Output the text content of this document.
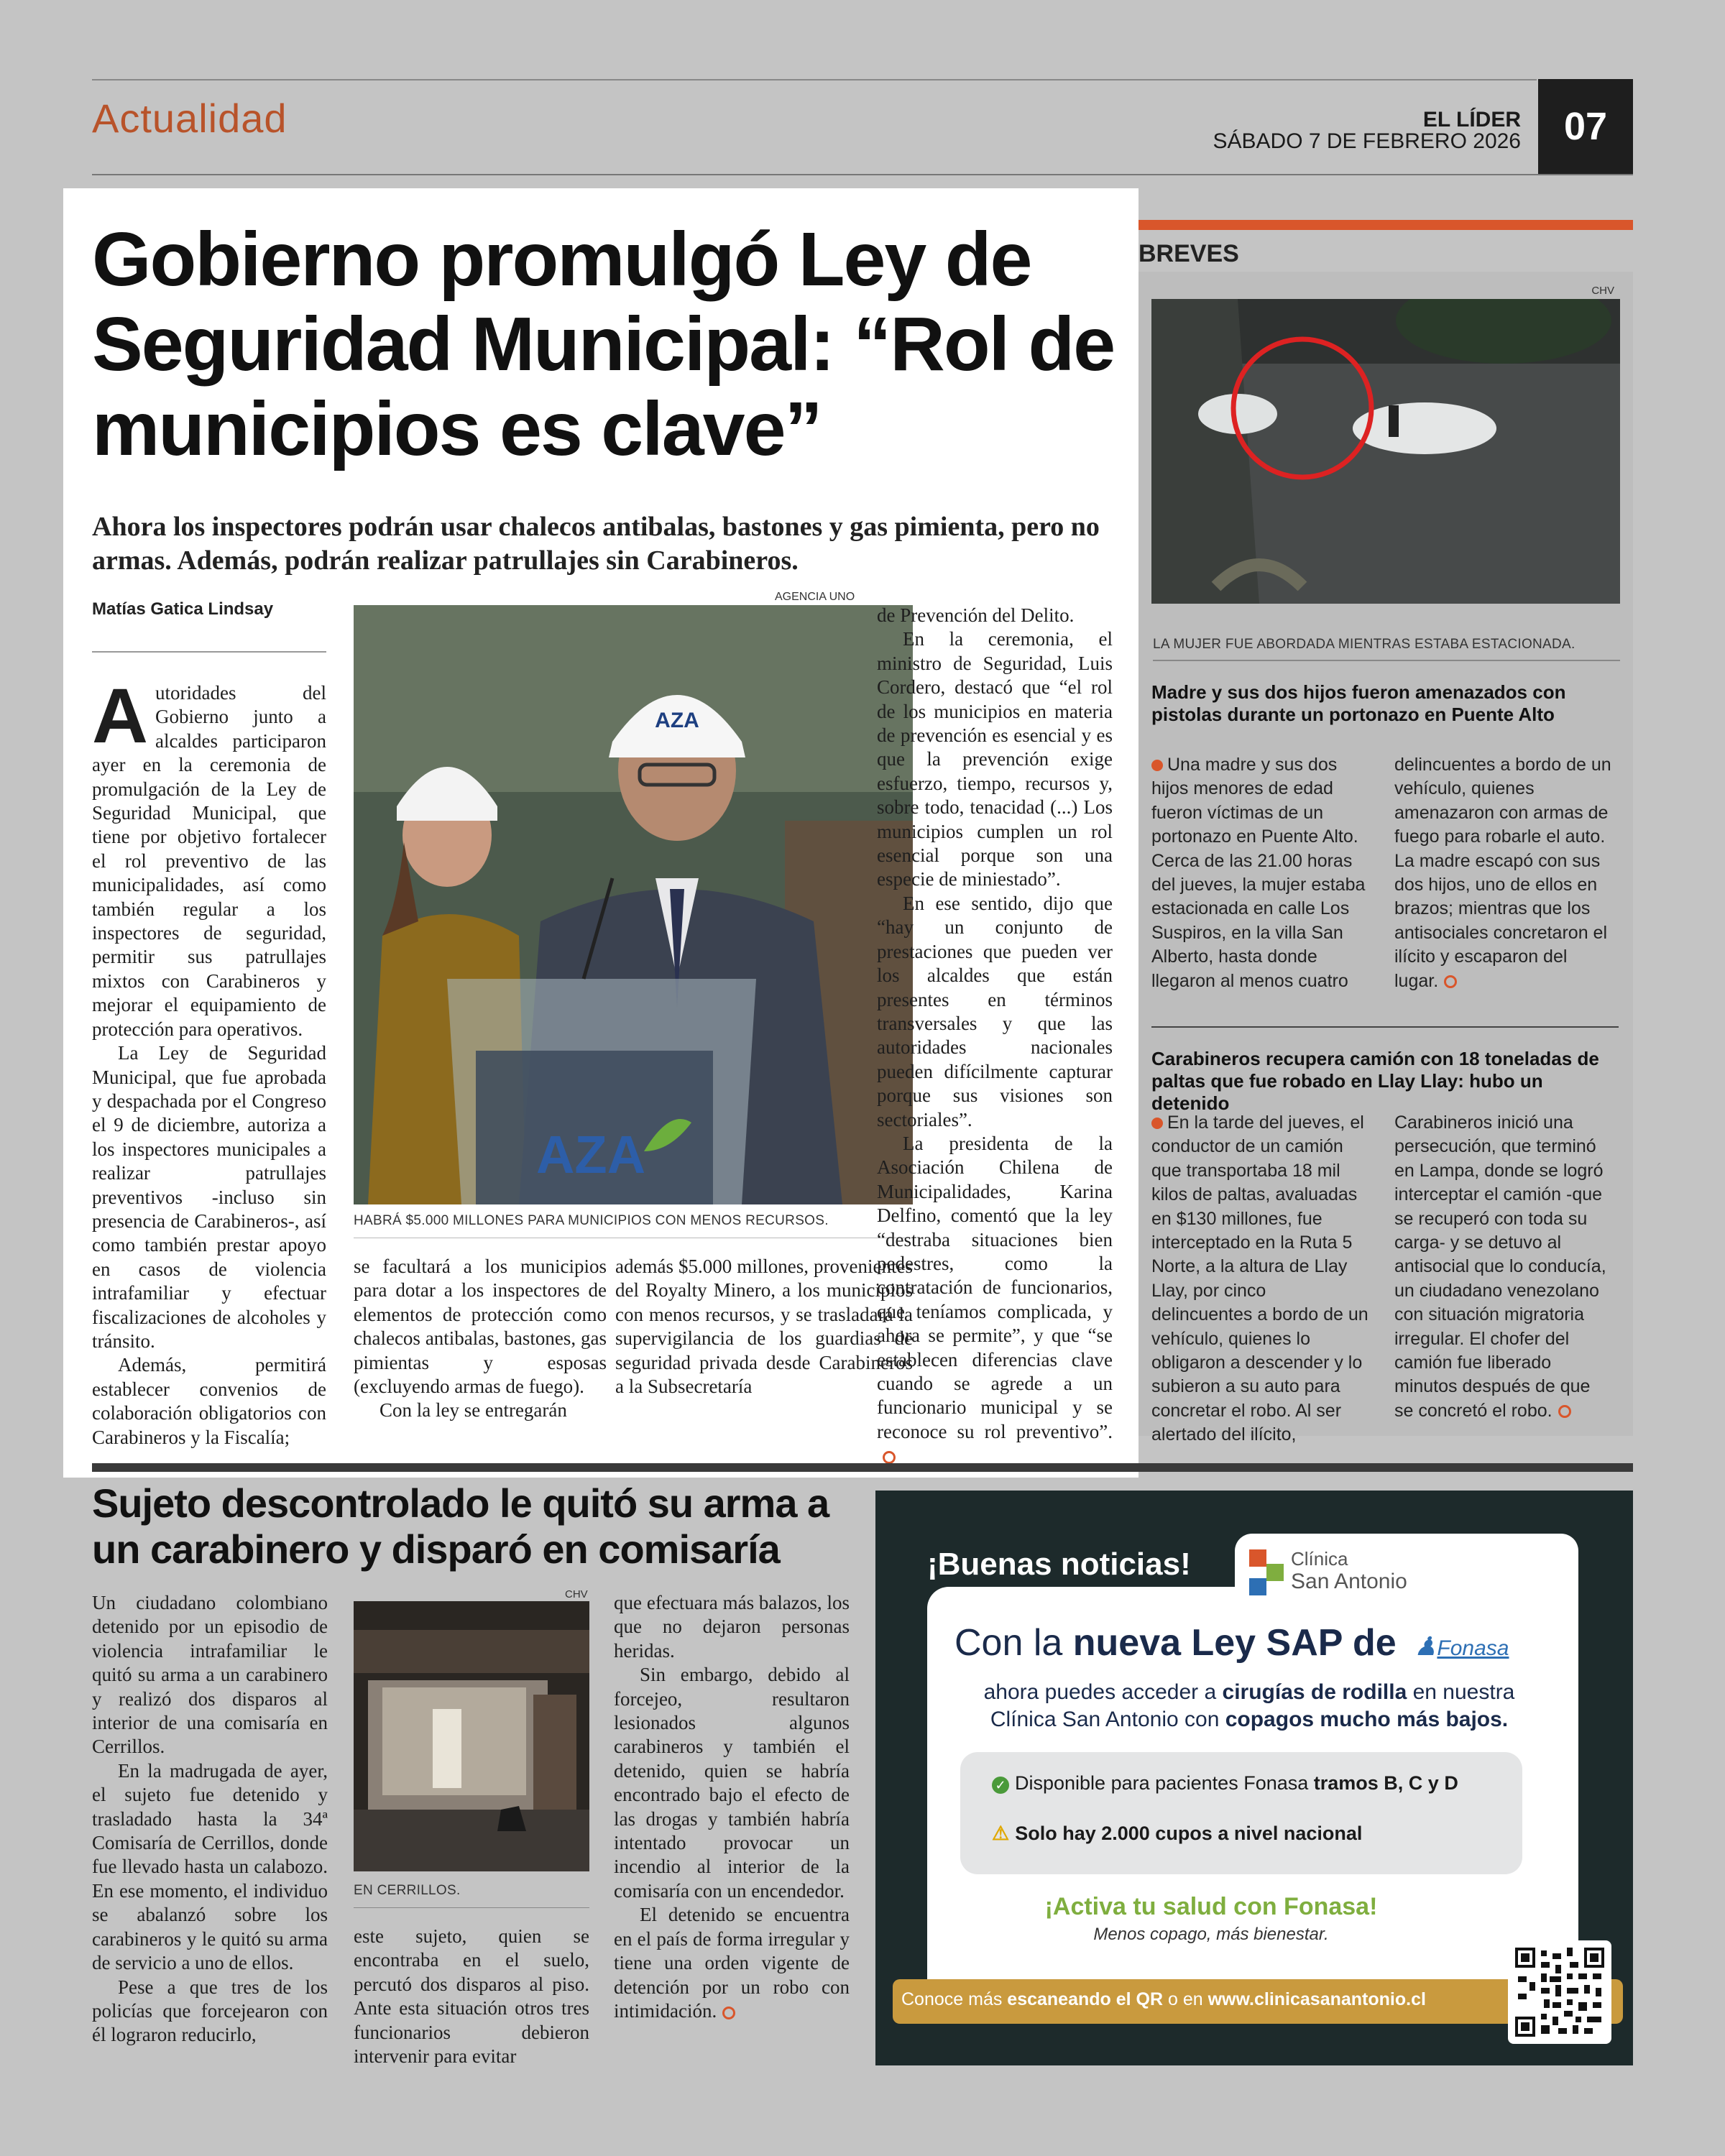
Actualidad	EL LÍDER
SÁBADO 7 DE FEBRERO 2026 07
Gobierno promulgó Ley de Seguridad Municipal: “Rol de municipios es clave”
Ahora los inspectores podrán usar chalecos antibalas, bastones y gas pimienta, pero no armas. Además, podrán realizar patrullajes sin Carabineros.
Matías Gatica Lindsay

Autoridades del Gobierno junto a alcaldes participaron ayer en la ceremonia de promulgación de la Ley de Seguridad Municipal, que tiene por objetivo fortalecer el rol preventivo de las municipalidades, así como también regular a los inspectores de seguridad, permitir sus patrullajes mixtos con Carabineros y mejorar el equipamiento de protección para operativos.

La Ley de Seguridad Municipal, que fue aprobada y despachada por el Congreso el 9 de diciembre, autoriza a los inspectores municipales a realizar patrullajes preventivos -incluso sin presencia de Carabineros-, así como también prestar apoyo en casos de violencia intrafamiliar y efectuar fiscalizaciones de alcoholes y tránsito.

Además, permitirá establecer convenios de colaboración obligatorios con Carabineros y la Fiscalía;

AGENCIA UNO
AZA
AZA
HABRÁ $5.000 MILLONES PARA MUNICIPIOS CON MENOS RECURSOS.

se facultará a los municipios para dotar a los inspectores de elementos de protección como chalecos antibalas, bastones, gas pimientas y esposas (excluyendo armas de fuego).

Con la ley se entregarán

además $5.000 millones, provenientes del Royalty Minero, a los municipios con menos recursos, y se trasladará la supervigilancia de los guardias de seguridad privada desde Carabineros a la Subsecretaría

de Prevención del Delito.

En la ceremonia, el ministro de Seguridad, Luis Cordero, destacó que “el rol de los municipios en materia de prevención es esencial y es que la prevención exige esfuerzo, tiempo, recursos y, sobre todo, tenacidad (...) Los municipios cumplen un rol esencial porque son una especie de miniestado”.

En ese sentido, dijo que “hay un conjunto de prestaciones que pueden ver los alcaldes que están presentes en términos transversales y que las autoridades nacionales pueden difícilmente capturar porque sus visiones son sectoriales”.

La presidenta de la Asociación Chilena de Municipalidades, Karina Delfino, comentó que la ley “destraba situaciones bien pedestres, como la contratación de funcionarios, que teníamos complicada, y ahora se permite”, y que “se establecen diferencias clave cuando se agrede a un funcionario municipal y se reconoce su rol preventivo”.

BREVES
CHV
LA MUJER FUE ABORDADA MIENTRAS ESTABA ESTACIONADA.
Madre y sus dos hijos fueron amenazados con pistolas durante un portonazo en Puente Alto
Una madre y sus dos hijos menores de edad fueron víctimas de un portonazo en Puente Alto. Cerca de las 21.00 horas del jueves, la mujer estaba estacionada en calle Los Suspiros, en la villa San Alberto, hasta donde llegaron al menos cuatro delincuentes a bordo de un vehículo, quienes amenazaron con armas de fuego para robarle el auto. La madre escapó con sus dos hijos, uno de ellos en brazos; mientras que los antisociales concretaron el ilícito y escaparon del lugar.
Carabineros recupera camión con 18 toneladas de paltas que fue robado en Llay Llay: hubo un detenido
En la tarde del jueves, el conductor de un camión que transportaba 18 mil kilos de paltas, avaluadas en $130 millones, fue interceptado en la Ruta 5 Norte, a la altura de Llay Llay, por cinco delincuentes a bordo de un vehículo, quienes lo obligaron a descender y lo subieron a su auto para concretar el robo. Al ser alertado del ilícito, Carabineros inició una persecución, que terminó en Lampa, donde se logró interceptar el camión -que se recuperó con toda su carga- y se detuvo al antisocial que lo conducía, un ciudadano venezolano con situación migratoria irregular. El chofer del camión fue liberado minutos después de que se concretó el robo.
Sujeto descontrolado le quitó su arma a un carabinero y disparó en comisaría

Un ciudadano colombiano detenido por un episodio de violencia intrafamiliar le quitó su arma a un carabinero y realizó dos disparos al interior de una comisaría en Cerrillos.

En la madrugada de ayer, el sujeto fue detenido y trasladado hasta la 34ª Comisaría de Cerrillos, donde fue llevado hasta un calabozo. En ese momento, el individuo se abalanzó sobre los carabineros y le quitó su arma de servicio a uno de ellos.

Pese a que tres de los policías que forcejearon con él lograron reducirlo,

CHV
EN CERRILLOS.

este sujeto, quien se encontraba en el suelo, percutó dos disparos al piso. Ante esta situación otros tres funcionarios debieron intervenir para evitar

que efectuara más balazos, los que no dejaron personas heridas.

Sin embargo, debido al forcejeo, resultaron lesionados algunos carabineros y también el detenido, quien se habría encontrado bajo el efecto de las drogas y también habría intentado provocar un incendio al interior de la comisaría con un encendedor.

El detenido se encuentra en el país de forma irregular y tiene una orden vigente de detención por un robo con intimidación.

¡Buenas noticias!	Clínica
San Antonio
Con la nueva Ley SAP de ♟Fonasa
ahora puedes acceder a cirugías de rodilla en nuestra Clínica San Antonio con copagos mucho más bajos.
✓ Disponible para pacientes Fonasa tramos B, C y D
⚠ Solo hay 2.000 cupos a nivel nacional
¡Activa tu salud con Fonasa!
Menos copago, más bienestar.
Conoce más escaneando el QR o en www.clinicasanantonio.cl
